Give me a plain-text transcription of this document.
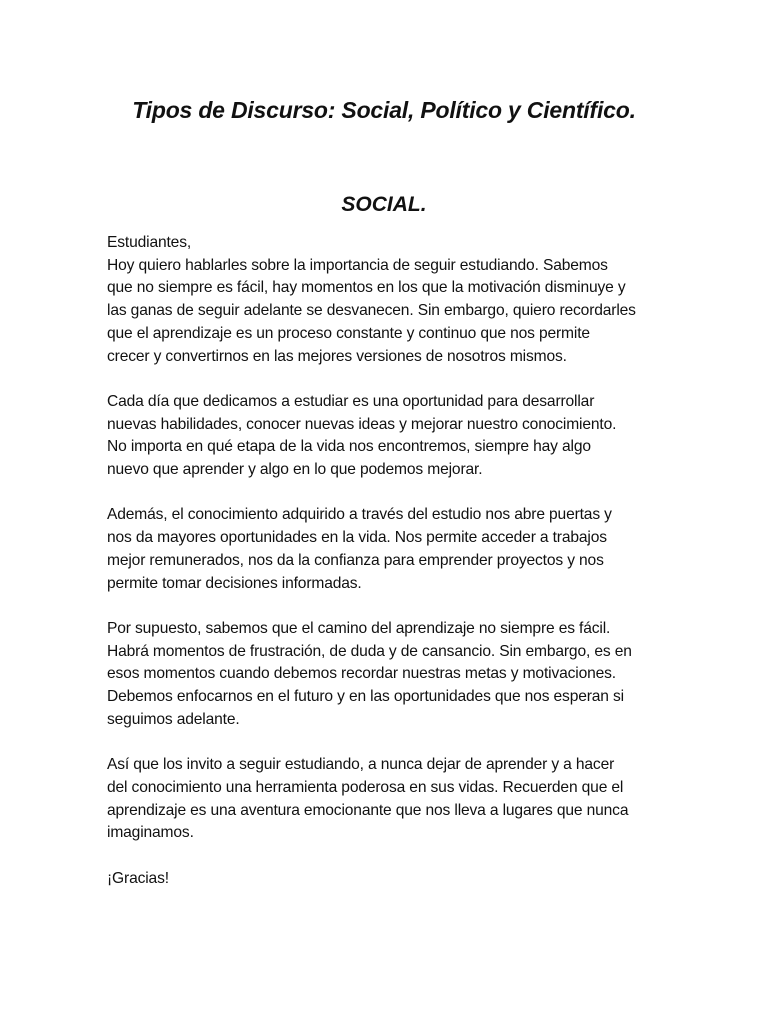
Tipos de Discurso: Social, Político y Científico.
SOCIAL.

Estudiantes,
Hoy quiero hablarles sobre la importancia de seguir estudiando. Sabemos
que no siempre es fácil, hay momentos en los que la motivación disminuye y
las ganas de seguir adelante se desvanecen. Sin embargo, quiero recordarles
que el aprendizaje es un proceso constante y continuo que nos permite
crecer y convertirnos en las mejores versiones de nosotros mismos.

Cada día que dedicamos a estudiar es una oportunidad para desarrollar
nuevas habilidades, conocer nuevas ideas y mejorar nuestro conocimiento.
No importa en qué etapa de la vida nos encontremos, siempre hay algo
nuevo que aprender y algo en lo que podemos mejorar.

Además, el conocimiento adquirido a través del estudio nos abre puertas y
nos da mayores oportunidades en la vida. Nos permite acceder a trabajos
mejor remunerados, nos da la confianza para emprender proyectos y nos
permite tomar decisiones informadas.

Por supuesto, sabemos que el camino del aprendizaje no siempre es fácil.
Habrá momentos de frustración, de duda y de cansancio. Sin embargo, es en
esos momentos cuando debemos recordar nuestras metas y motivaciones.
Debemos enfocarnos en el futuro y en las oportunidades que nos esperan si
seguimos adelante.

Así que los invito a seguir estudiando, a nunca dejar de aprender y a hacer
del conocimiento una herramienta poderosa en sus vidas. Recuerden que el
aprendizaje es una aventura emocionante que nos lleva a lugares que nunca
imaginamos.

¡Gracias!
